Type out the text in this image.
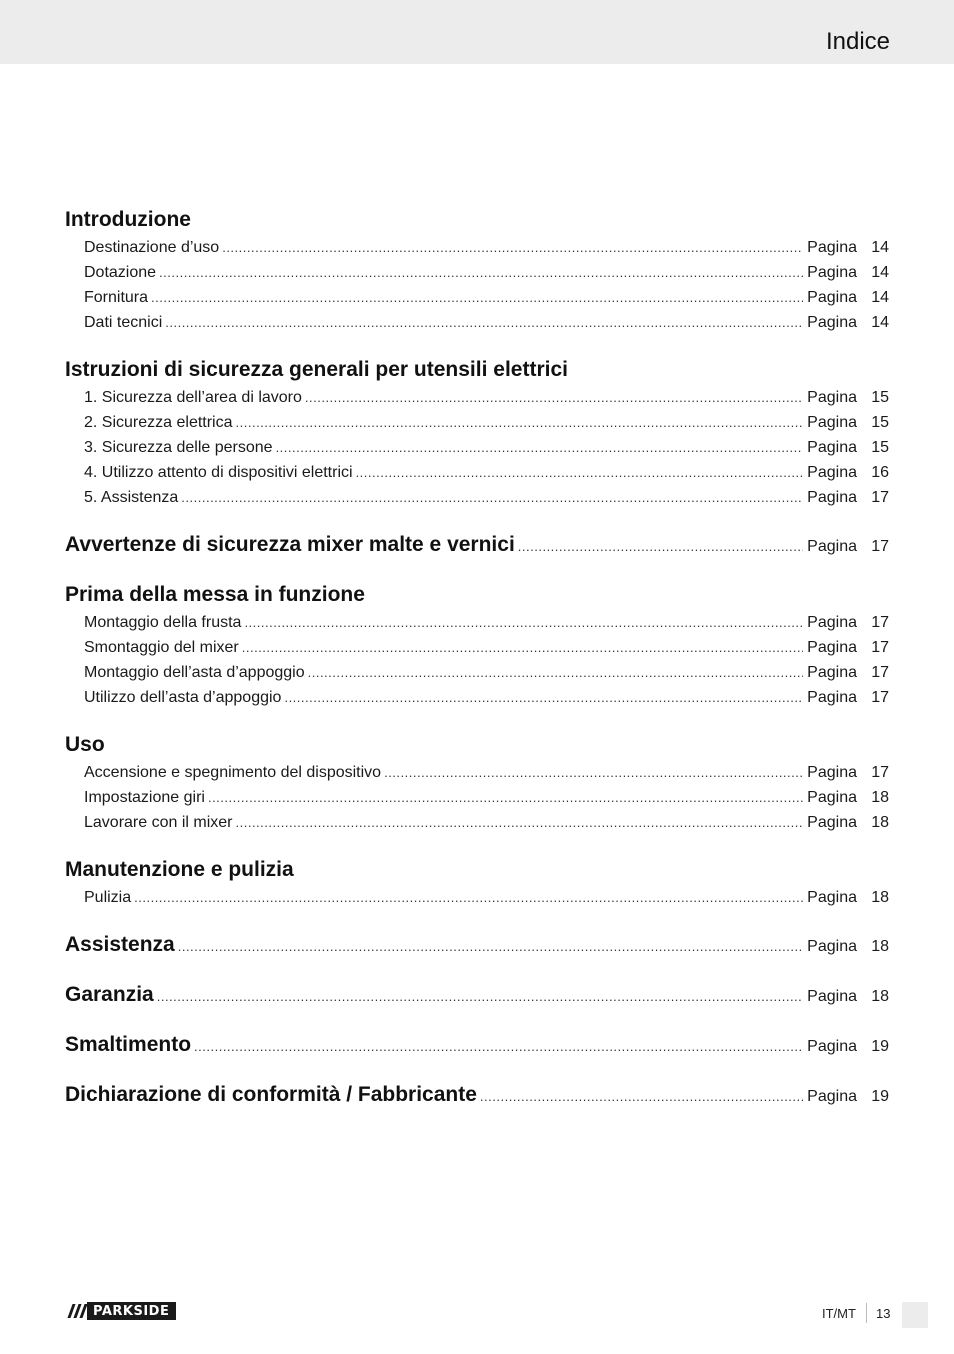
Indice
Introduzione
Destinazione d’uso .....	Pagina 14
Dotazione .....	Pagina 14
Fornitura .....	Pagina 14
Dati tecnici .....	Pagina 14
Istruzioni di sicurezza generali per utensili elettrici
1. Sicurezza dell’area di lavoro .....	Pagina 15
2. Sicurezza elettrica .....	Pagina 15
3. Sicurezza delle persone .....	Pagina 15
4. Utilizzo attento di dispositivi elettrici .....	Pagina 16
5. Assistenza .....	Pagina 17
Avvertenze di sicurezza mixer malte e vernici .....	Pagina 17
Prima della messa in funzione
Montaggio della frusta .....	Pagina 17
Smontaggio del mixer .....	Pagina 17
Montaggio dell’asta d’appoggio .....	Pagina 17
Utilizzo dell’asta d’appoggio .....	Pagina 17
Uso
Accensione e spegnimento del dispositivo .....	Pagina 17
Impostazione giri .....	Pagina 18
Lavorare con il mixer .....	Pagina 18
Manutenzione e pulizia
Pulizia .....	Pagina 18
Assistenza .....	Pagina 18
Garanzia .....	Pagina 18
Smaltimento .....	Pagina 19
Dichiarazione di conformità / Fabbricante .....	Pagina 19
PARKSIDE	IT/MT 13
